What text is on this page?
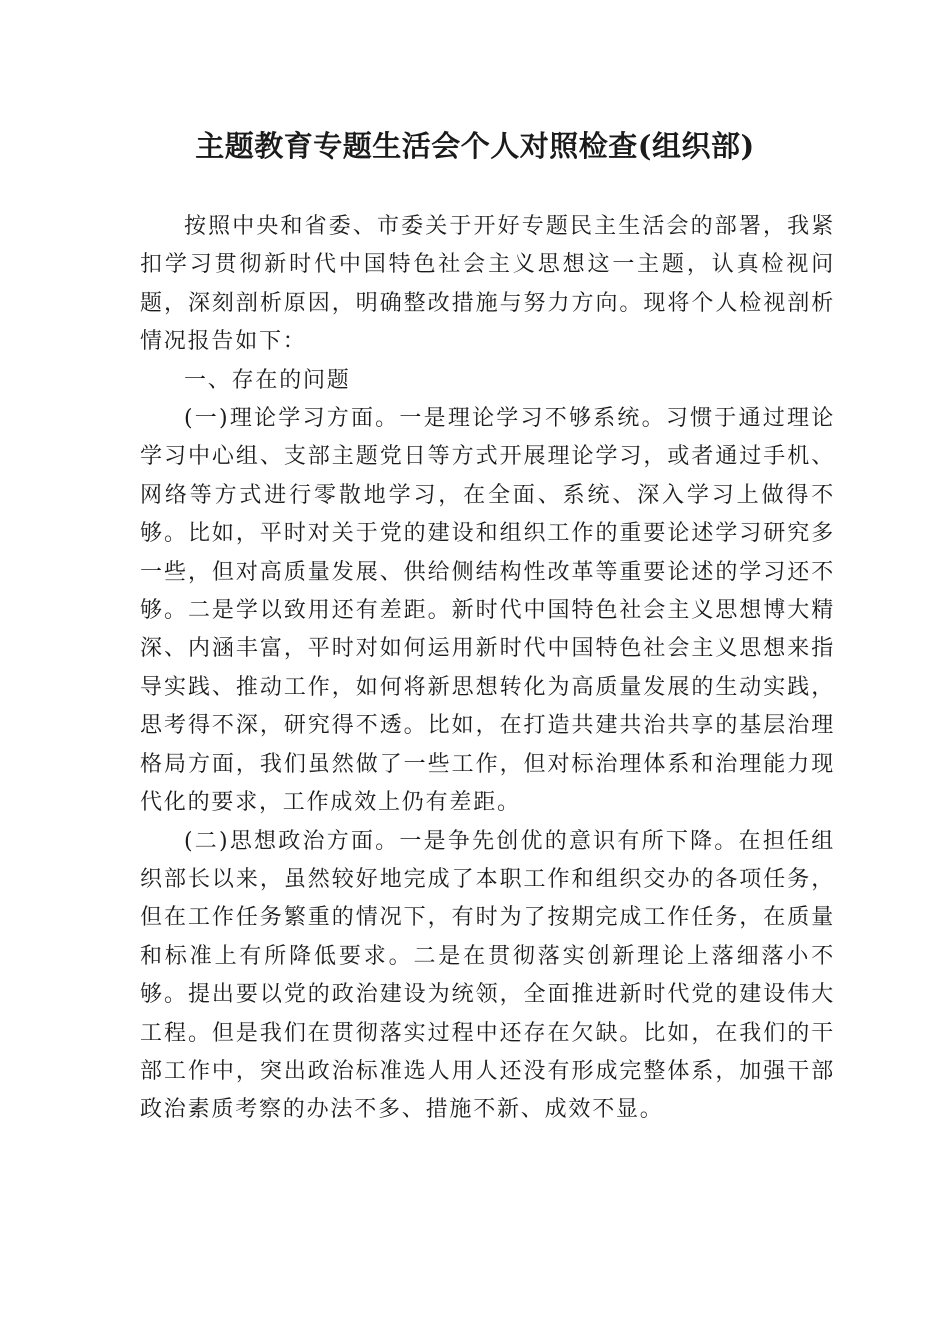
主题教育专题生活会个人对照检查(组织部)

按照中央和省委、市委关于开好专题民主生活会的部署，我紧扣学习贯彻新时代中国特色社会主义思想这一主题，认真检视问题，深刻剖析原因，明确整改措施与努力方向。现将个人检视剖析情况报告如下：

一、存在的问题

(一)理论学习方面。一是理论学习不够系统。习惯于通过理论学习中心组、支部主题党日等方式开展理论学习，或者通过手机、网络等方式进行零散地学习，在全面、系统、深入学习上做得不够。比如，平时对关于党的建设和组织工作的重要论述学习研究多一些，但对高质量发展、供给侧结构性改革等重要论述的学习还不够。二是学以致用还有差距。新时代中国特色社会主义思想博大精深、内涵丰富，平时对如何运用新时代中国特色社会主义思想来指导实践、推动工作，如何将新思想转化为高质量发展的生动实践，思考得不深，研究得不透。比如，在打造共建共治共享的基层治理格局方面，我们虽然做了一些工作，但对标治理体系和治理能力现代化的要求，工作成效上仍有差距。

(二)思想政治方面。一是争先创优的意识有所下降。在担任组织部长以来，虽然较好地完成了本职工作和组织交办的各项任务，但在工作任务繁重的情况下，有时为了按期完成工作任务，在质量和标准上有所降低要求。二是在贯彻落实创新理论上落细落小不够。提出要以党的政治建设为统领，全面推进新时代党的建设伟大工程。但是我们在贯彻落实过程中还存在欠缺。比如，在我们的干部工作中，突出政治标准选人用人还没有形成完整体系，加强干部政治素质考察的办法不多、措施不新、成效不显。
